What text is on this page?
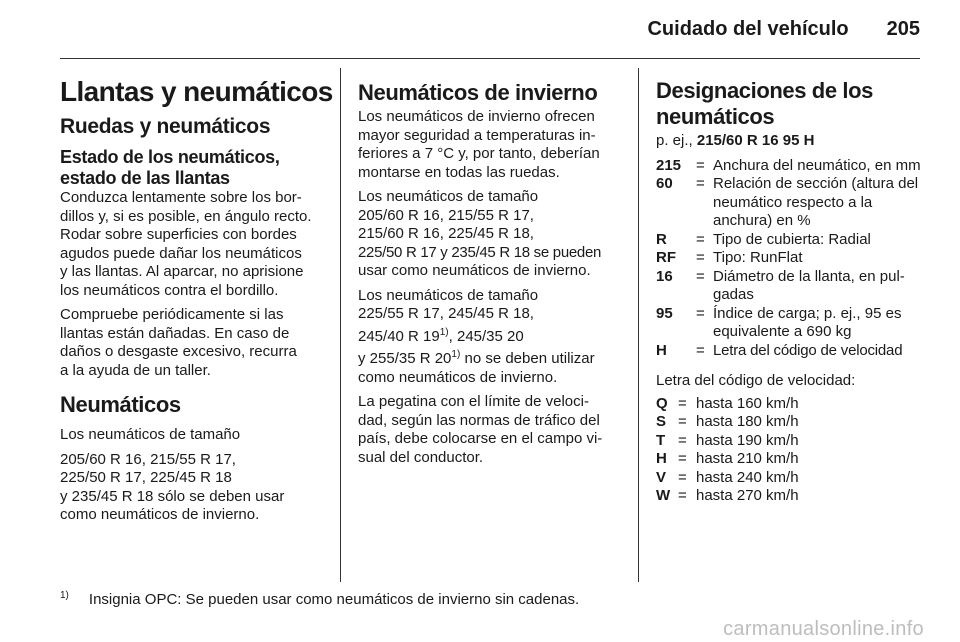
Cuidado del vehículo 205
Llantas y neumáticos
Ruedas y neumáticos
Estado de los neumáticos,
estado de las llantas

Conduzca lentamente sobre los bor-
dillos y, si es posible, en ángulo recto.
Rodar sobre superficies con bordes
agudos puede dañar los neumáticos
y las llantas. Al aparcar, no aprisione
los neumáticos contra el bordillo.

Compruebe periódicamente si las
llantas están dañadas. En caso de
daños o desgaste excesivo, recurra
a la ayuda de un taller.

Neumáticos

Los neumáticos de tamaño

205/60 R 16, 215/55 R 17,
225/50 R 17, 225/45 R 18
y 235/45 R 18 sólo se deben usar
como neumáticos de invierno.

Neumáticos de invierno

Los neumáticos de invierno ofrecen
mayor seguridad a temperaturas in-
feriores a 7 °C y, por tanto, deberían
montarse en todas las ruedas.

Los neumáticos de tamaño
205/60 R 16, 215/55 R 17,
215/60 R 16, 225/45 R 18,
225/50 R 17 y 235/45 R 18 se pueden
usar como neumáticos de invierno.

Los neumáticos de tamaño
225/55 R 17, 245/45 R 18,
245/40 R 19$^{1)}$, 245/35 20
y 255/35 R 20$^{1)}$ no se deben utilizar
como neumáticos de invierno.

La pegatina con el límite de veloci-
dad, según las normas de tráfico del
país, debe colocarse en el campo vi-
sual del conductor.

Designaciones de los
neumáticos
p. ej., 215/60 R 16 95 H
215	=	Anchura del neumático, en mm
60	=	Relación de sección (altura del neumático respecto a la anchura) en %
R	=	Tipo de cubierta: Radial
RF	=	Tipo: RunFlat
16	=	Diámetro de la llanta, en pul- gadas
95	=	Índice de carga; p. ej., 95 es equivalente a 690 kg
H	=	Letra del código de velocidad

Letra del código de velocidad:

Q	=	hasta 160 km/h
S	=	hasta 180 km/h
T	=	hasta 190 km/h
H	=	hasta 210 km/h
V	=	hasta 240 km/h
W	=	hasta 270 km/h
$^{1)}$ Insignia OPC: Se pueden usar como neumáticos de invierno sin cadenas.
carmanualsonline.info
